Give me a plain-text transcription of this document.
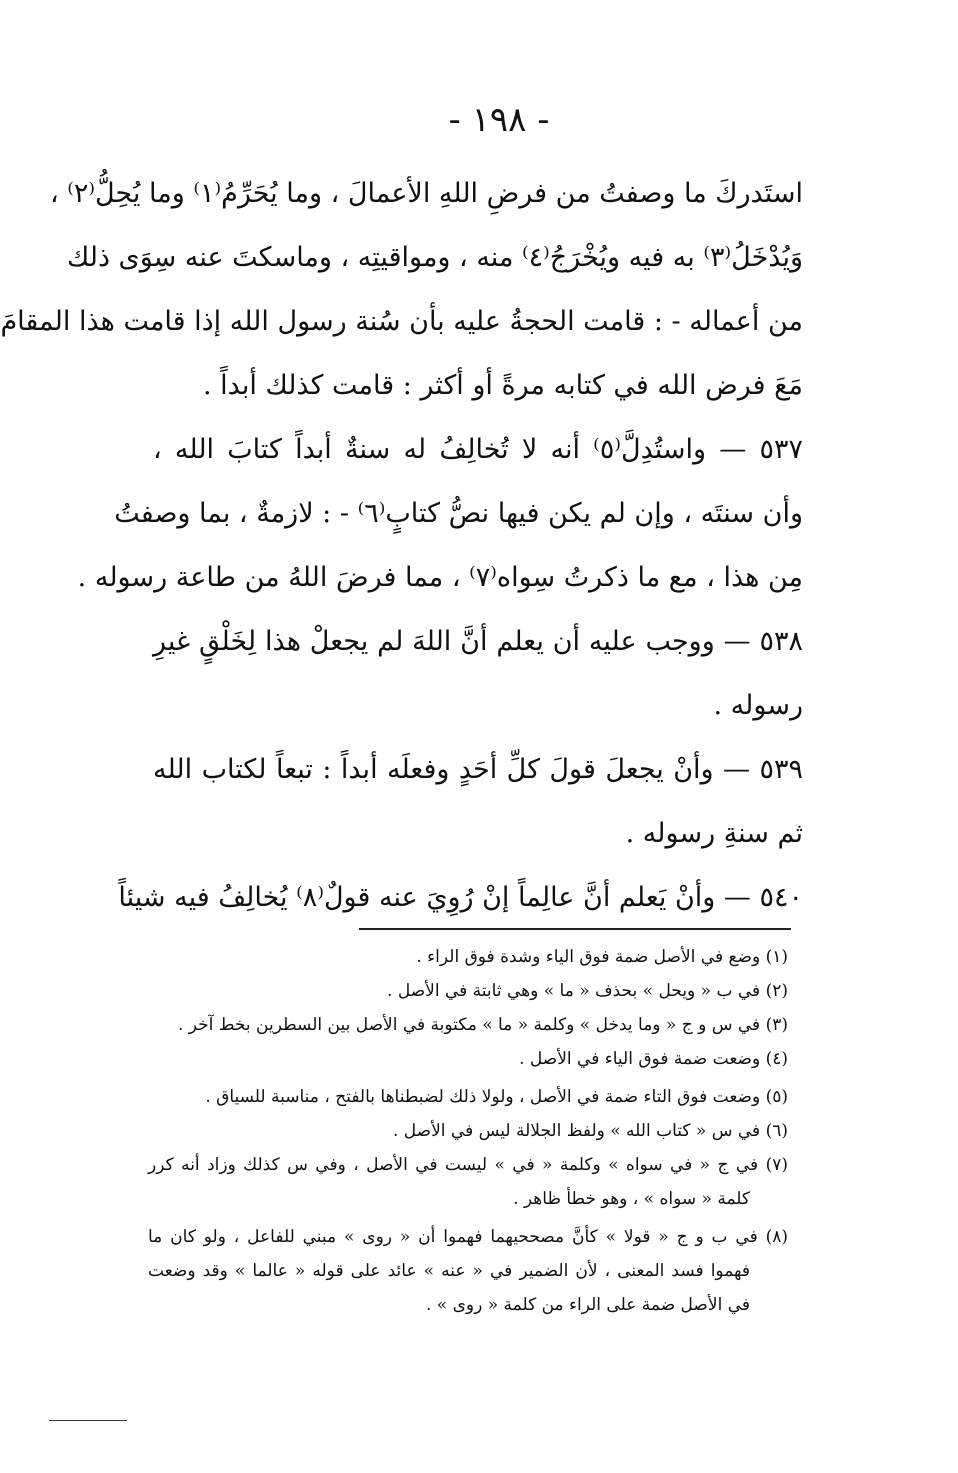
- ١٩٨ -
استَدركَ ما وصفتُ من فرضِ اللهِ الأعمالَ ، وما يُحَرِّمُ⁽١⁾ وما يُحِلُّ⁽٢⁾ ،
وَيُدْخَلُ⁽٣⁾ به فيه ويُخْرَجُ⁽٤⁾ منه ، ومواقيتِه ، وماسكتَ عنه سِوَى ذلك
من أعماله - : قامت الحجةُ عليه بأن سُنة رسول الله إذا قامت هذا المقامَ
مَعَ فرض الله في كتابه مرةً أو أكثر : قامت كذلك أبداً .
٥٣٧ — واستُدِلَّ⁽٥⁾ أنه لا تُخالِفُ له سنةٌ أبداً كتابَ الله ،
وأن سنتَه ، وإن لم يكن فيها نصُّ كتابٍ⁽٦⁾ - : لازمةٌ ، بما وصفتُ
مِن هذا ، مع ما ذكرتُ سِواه⁽٧⁾ ، مما فرضَ اللهُ من طاعة رسوله .
٥٣٨ — ووجب عليه أن يعلم أنَّ اللهَ لم يجعلْ هذا لِخَلْقٍ غيرِ
رسوله .
٥٣٩ — وأنْ يجعلَ قولَ كلِّ أحَدٍ وفعلَه أبداً : تبعاً لكتاب الله
ثم سنةِ رسوله .
٥٤٠ — وأنْ يَعلم أنَّ عالِماً إنْ رُوِيَ عنه قولٌ⁽٨⁾ يُخالِفُ فيه شيئاً
(١) وضع في الأصل ضمة فوق الياء وشدة فوق الراء .
(٢) في ب « ويحل » بحذف « ما » وهي ثابتة في الأصل .
(٣) في س و ج « وما يدخل » وكلمة « ما » مكتوبة في الأصل بين السطرين بخط آخر .
(٤) وضعت ضمة فوق الياء في الأصل .
(٥) وضعت فوق التاء ضمة في الأصل ، ولولا ذلك لضبطناها بالفتح ، مناسبة للسياق .
(٦) في س « كتاب الله » ولفظ الجلالة ليس في الأصل .
(٧) في ج « في سواه » وكلمة « في » ليست في الأصل ، وفي س كذلك وزاد أنه كرر
كلمة « سواه » ، وهو خطأ ظاهر .
(٨) في ب و ج « قولا » كأنَّ مصححيهما فهموا أن « روى » مبني للفاعل ، ولو كان ما
فهموا فسد المعنى ، لأن الضمير في « عنه » عائد على قوله « عالما » وقد وضعت
في الأصل ضمة على الراء من كلمة « روى » .
